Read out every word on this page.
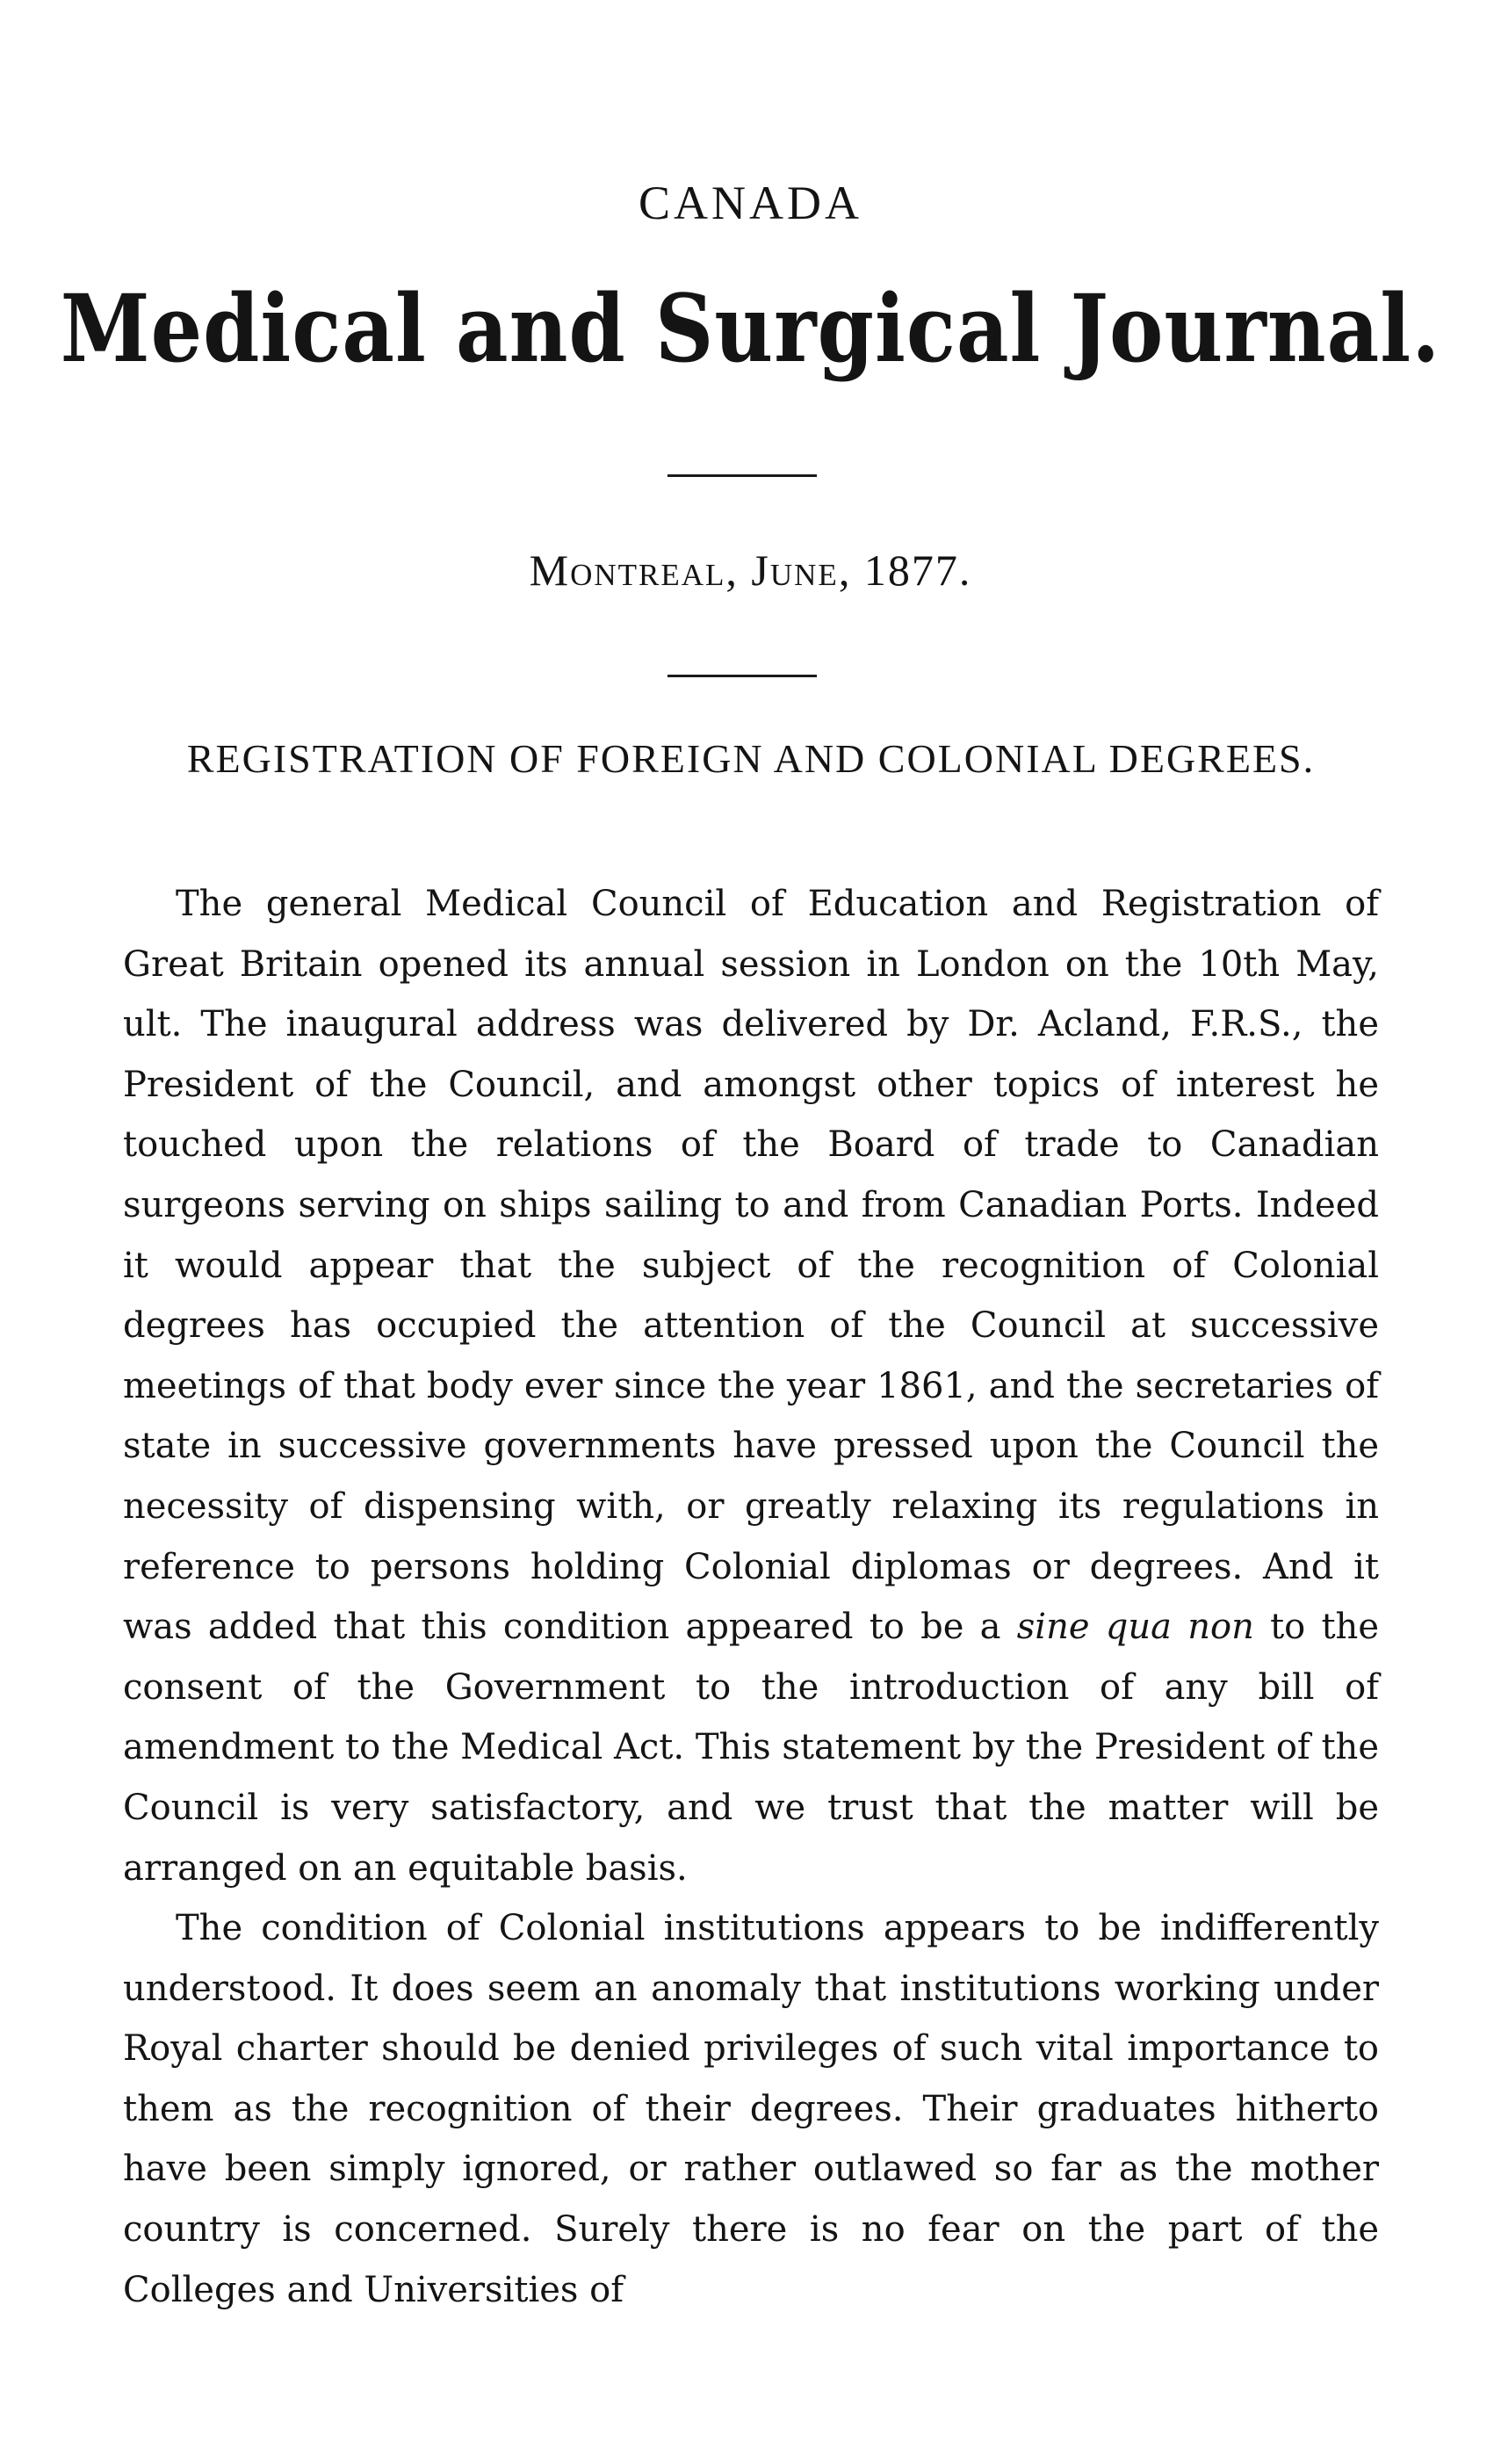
CANADA
Medical and Surgical Journal.
Montreal, June, 1877.
REGISTRATION OF FOREIGN AND COLONIAL DEGREES.

The general Medical Council of Education and Registration of Great Britain opened its annual session in London on the 10th May, ult. The inaugural address was delivered by Dr. Acland, F.R.S., the President of the Council, and amongst other topics of interest he touched upon the relations of the Board of trade to Canadian surgeons serving on ships sailing to and from Canadian Ports. Indeed it would appear that the subject of the recognition of Colonial degrees has occupied the attention of the Council at successive meetings of that body ever since the year 1861, and the secretaries of state in successive governments have pressed upon the Council the necessity of dispensing with, or greatly relaxing its regulations in reference to persons holding Colonial diplomas or degrees. And it was added that this condition appeared to be a sine qua non to the consent of the Government to the introduction of any bill of amendment to the Medical Act. This statement by the President of the Council is very satisfactory, and we trust that the matter will be arranged on an equitable basis.

The condition of Colonial institutions appears to be indifferently understood. It does seem an anomaly that institutions working under Royal charter should be denied privileges of such vital importance to them as the recognition of their degrees. Their graduates hitherto have been simply ignored, or rather outlawed so far as the mother country is concerned. Surely there is no fear on the part of the Colleges and Universities of
